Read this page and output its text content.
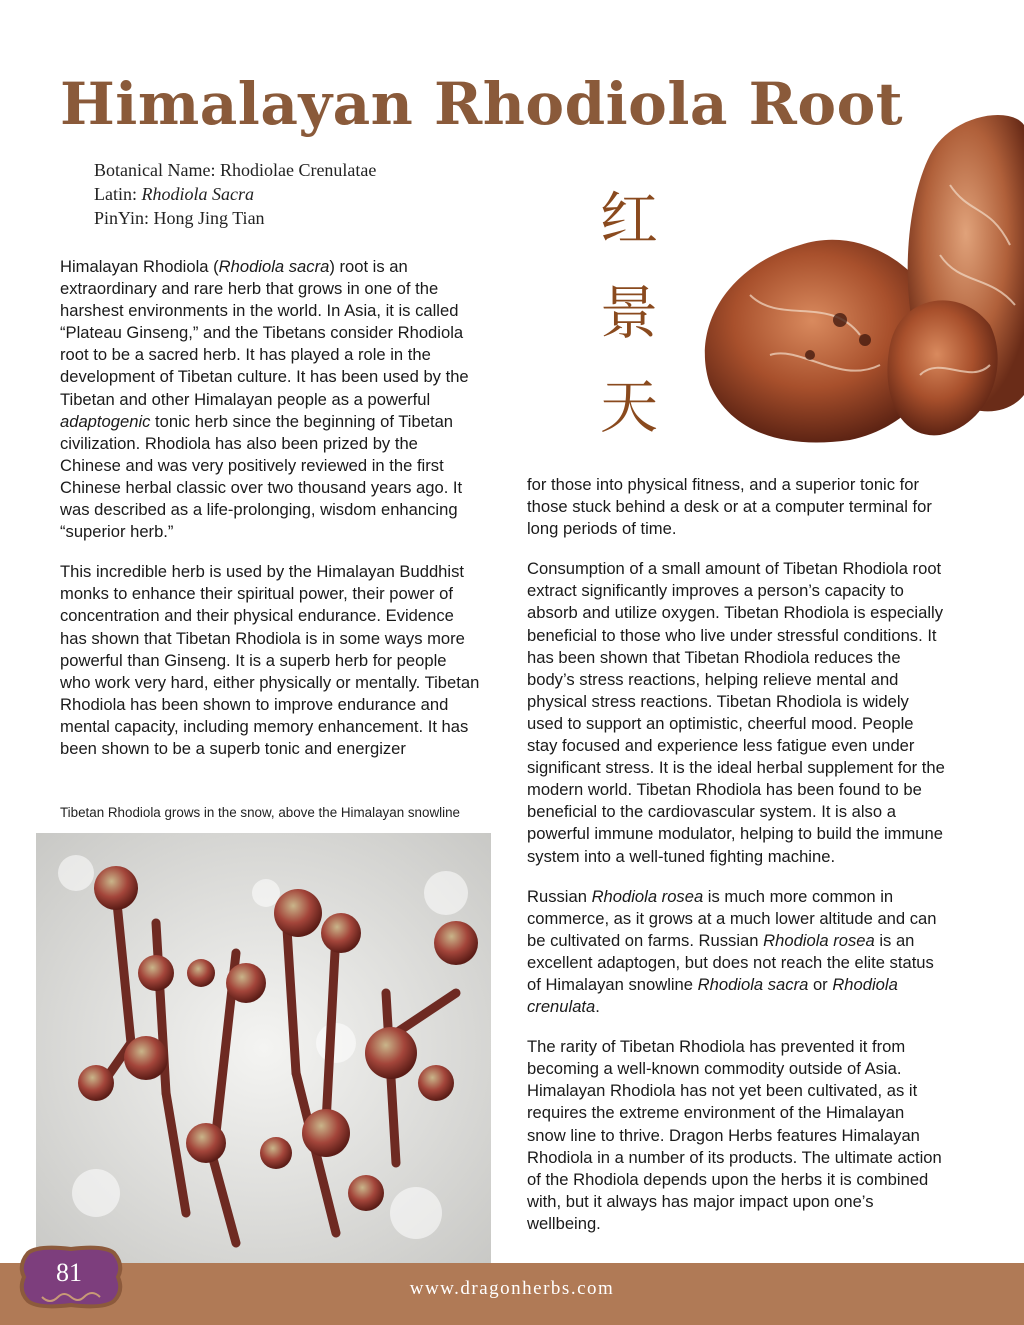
Himalayan Rhodiola Root
Botanical Name: Rhodiolae Crenulatae
Latin: Rhodiola Sacra
PinYin: Hong Jing Tian	红
景
天

Himalayan Rhodiola (Rhodiola sacra) root is an extraordinary and rare herb that grows in one of the harshest environments in the world. In Asia, it is called “Plateau Ginseng,” and the Tibetans consider Rhodiola root to be a sacred herb. It has played a role in the development of Tibetan culture. It has been used by the Tibetan and other Himalayan people as a powerful adaptogenic tonic herb since the beginning of Tibetan civilization. Rhodiola has also been prized by the Chinese and was very positively reviewed in the first Chinese herbal classic over two thousand years ago. It was described as a life-prolonging, wisdom enhancing “superior herb.”

This incredible herb is used by the Himalayan Buddhist monks to enhance their spiritual power, their power of concentration and their physical endurance. Evidence has shown that Tibetan Rhodiola is in some ways more powerful than Ginseng. It is a superb herb for people who work very hard, either physically or mentally. Tibetan Rhodiola has been shown to improve endurance and mental capacity, including memory enhancement. It has been shown to be a superb tonic and energizer

Tibetan Rhodiola grows in the snow, above the Himalayan snowline

for those into physical fitness, and a superior tonic for those stuck behind a desk or at a computer terminal for long periods of time.

Consumption of a small amount of Tibetan Rhodiola root extract significantly improves a person’s capacity to absorb and utilize oxygen. Tibetan Rhodiola is especially beneficial to those who live under stressful conditions. It has been shown that Tibetan Rhodiola reduces the body’s stress reactions, helping relieve mental and physical stress reactions. Tibetan Rhodiola is widely used to support an optimistic, cheerful mood. People stay focused and experience less fatigue even under significant stress. It is the ideal herbal supplement for the modern world. Tibetan Rhodiola has been found to be beneficial to the cardiovascular system. It is also a powerful immune modulator, helping to build the immune system into a well-tuned fighting machine.

Russian Rhodiola rosea is much more common in commerce, as it grows at a much lower altitude and can be cultivated on farms. Russian Rhodiola rosea is an excellent adaptogen, but does not reach the elite status of Himalayan snowline Rhodiola sacra or Rhodiola crenulata.

The rarity of Tibetan Rhodiola has prevented it from becoming a well-known commodity outside of Asia. Himalayan Rhodiola has not yet been cultivated, as it requires the extreme environment of the Himalayan snow line to thrive. Dragon Herbs features Himalayan Rhodiola in a number of its products. The ultimate action of the Rhodiola depends upon the herbs it is combined with, but it always has major impact upon one’s wellbeing.

81
www.dragonherbs.com
